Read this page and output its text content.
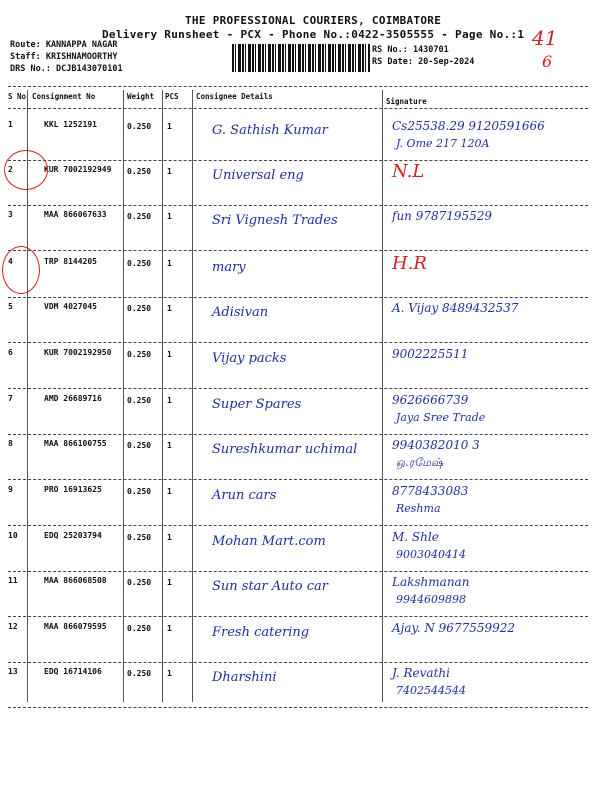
THE PROFESSIONAL COURIERS, COIMBATORE
Delivery Runsheet - PCX - Phone No.:0422-3505555 - Page No.:1
Route: KANNAPPA NAGAR
Staff: KRISHNAMOORTHY
DRS No.: DCJB143070101
RS No.: 1430701
RS Date: 20-Sep-2024
41
6
S No Consignment No	Weight PCS Consignee Details
Signature
1	KKL 1252191	0.250 1	G. Sathish Kumar	Cs25538.29 9120591666
J. Ome 217 120A
2	KUR 7002192949 0.250 1	Universal eng	N.L
3	MAA 866067633	0.250 1	Sri Vignesh Trades	fun 9787195529
4	TRP 8144205	0.250 1	mary	H.R
5	VDM 4027045	0.250 1	Adisivan	A. Vijay 8489432537
6	KUR 7002192950 0.250 1	Vijay packs	9002225511
7	AMD 26689716	0.250 1	Super Spares	9626666739
Jaya Sree Trade
8	MAA 866100755	0.250 1	Sureshkumar uchimal	9940382010 3
ஒ.ரமேஷ்
9	PRO 16913625	0.250 1	Arun cars	8778433083
Reshma
10	EDQ 25203794	0.250 1	Mohan Mart.com	M. Shle
9003040414
11	MAA 866068508	0.250 1	Sun star Auto car	Lakshmanan
9944609898
12	MAA 866079595	0.250 1	Fresh catering	Ajay. N 9677559922
13	EDQ 16714106	0.250 1	Dharshini	J. Revathi
7402544544
